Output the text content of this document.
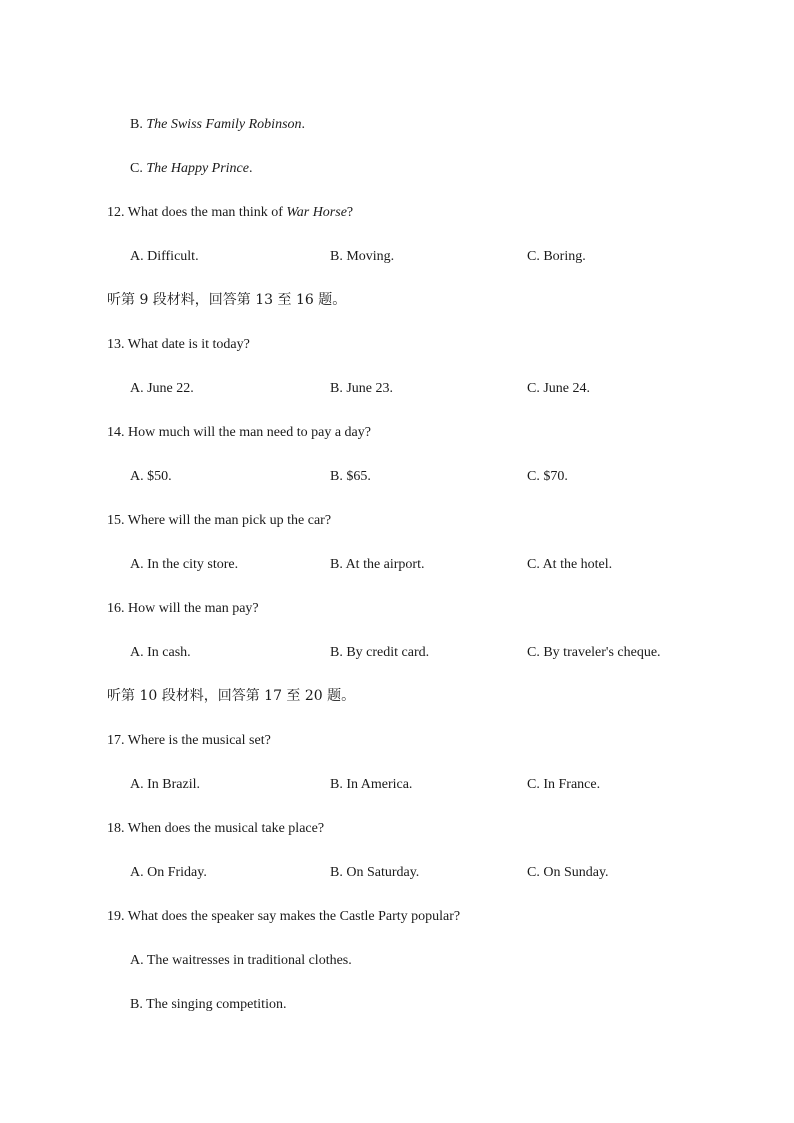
B. The Swiss Family Robinson.
C. The Happy Prince.
12. What does the man think of War Horse?
A. Difficult.	B. Moving.	C. Boring.
听第 9 段材料，回答第 13 至 16 题。
13. What date is it today?
A. June 22.	B. June 23.	C. June 24.
14. How much will the man need to pay a day?
A. $50.	B. $65.	C. $70.
15. Where will the man pick up the car?
A. In the city store.	B. At the airport.	C. At the hotel.
16. How will the man pay?
A. In cash.	B. By credit card.	C. By traveler's cheque.
听第 10 段材料，回答第 17 至 20 题。
17. Where is the musical set?
A. In Brazil.	B. In America.	C. In France.
18. When does the musical take place?
A. On Friday.	B. On Saturday.	C. On Sunday.
19. What does the speaker say makes the Castle Party popular?
A. The waitresses in traditional clothes.
B. The singing competition.
